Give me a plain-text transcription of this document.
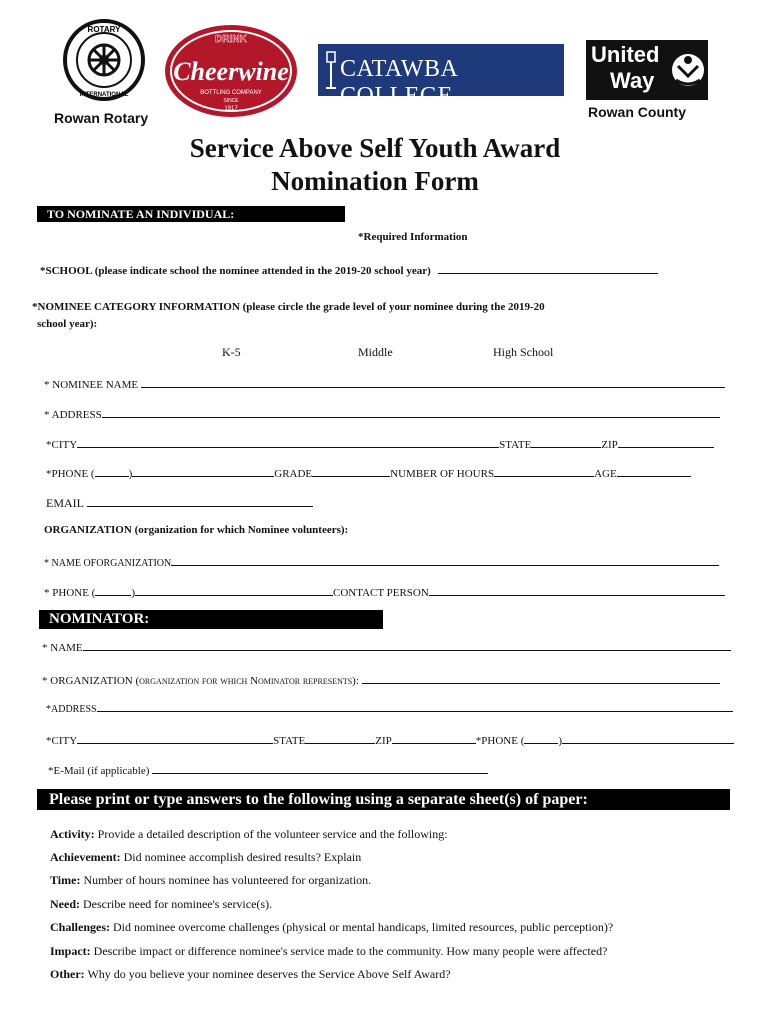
ROTARY
INTERNATIONAL
Rowan Rotary
DRINK
Cheerwine
BOTTLING COMPANY
SINCE
1917
CATAWBA COLLEGE
United
Way
Rowan County
Service Above Self Youth Award
Nomination Form
TO NOMINATE AN INDIVIDUAL:
*Required Information
*SCHOOL (please indicate school the nominee attended in the 2019-20 school year)
*NOMINEE CATEGORY INFORMATION (please circle the grade level of your nominee during the 2019-20
school year):
K-5	Middle	High School
* NOMINEE NAME
* ADDRESS
*CITY	STATE	ZIP
*PHONE (	)	GRADE	NUMBER OF HOURS	AGE
EMAIL
ORGANIZATION (organization for which Nominee volunteers):
* NAME OFORGANIZATION
* PHONE (	)	CONTACT PERSON
NOMINATOR:
* NAME
* ORGANIZATION (organization for which Nominator represents):
*ADDRESS
*CITY	STATE	ZIP	*PHONE (	)
*E-Mail (if applicable)
Please print or type answers to the following using a separate sheet(s) of paper:
Activity: Provide a detailed description of the volunteer service and the following:
Achievement: Did nominee accomplish desired results? Explain
Time: Number of hours nominee has volunteered for organization.
Need: Describe need for nominee's service(s).
Challenges: Did nominee overcome challenges (physical or mental handicaps, limited resources, public perception)?
Impact: Describe impact or difference nominee's service made to the community. How many people were affected?
Other: Why do you believe your nominee deserves the Service Above Self Award?
